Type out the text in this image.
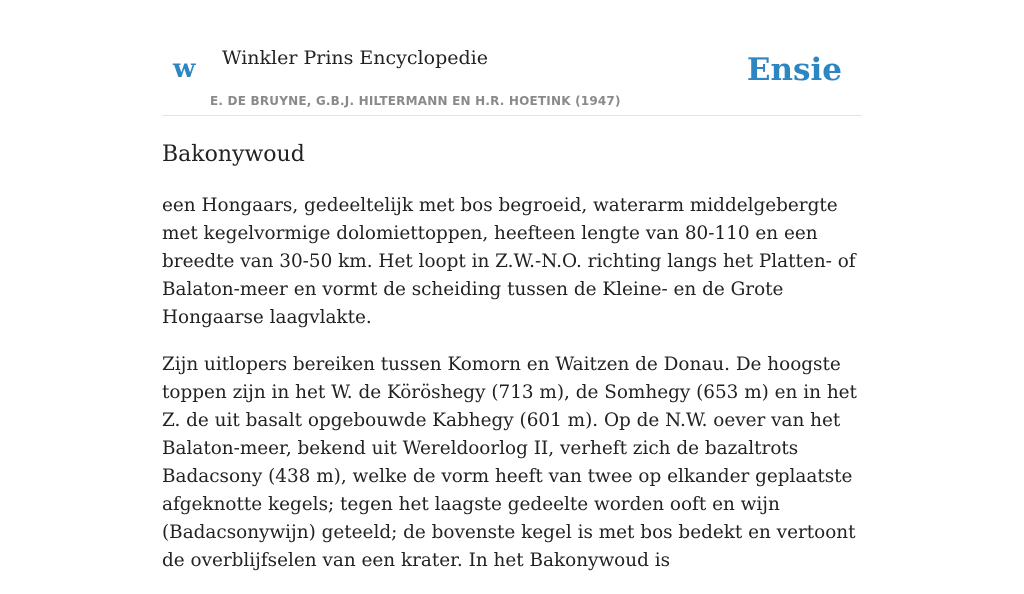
w Winkler Prins Encyclopedie
E. DE BRUYNE, G.B.J. HILTERMANN EN H.R. HOETINK (1947)
Ensie
Bakonywoud

een Hongaars, gedeeltelijk met bos begroeid, waterarm middelgebergte met kegelvormige dolomiettoppen, heefteen lengte van 80-110 en een breedte van 30-50 km. Het loopt in Z.W.-N.O. richting langs het Platten- of Balaton-meer en vormt de scheiding tussen de Kleine- en de Grote Hongaarse laagvlakte.

Zijn uitlopers bereiken tussen Komorn en Waitzen de Donau. De hoogste toppen zijn in het W. de Köröshegy (713 m), de Somhegy (653 m) en in het Z. de uit basalt opgebouwde Kabhegy (601 m). Op de N.W. oever van het Balaton-meer, bekend uit Wereldoorlog II, verheft zich de bazaltrots Badacsony (438 m), welke de vorm heeft van twee op elkander geplaatste afgeknotte kegels; tegen het laagste gedeelte worden ooft en wijn (Badacsonywijn) geteeld; de bovenste kegel is met bos bedekt en vertoont de overblijfselen van een krater. In het Bakonywoud is
